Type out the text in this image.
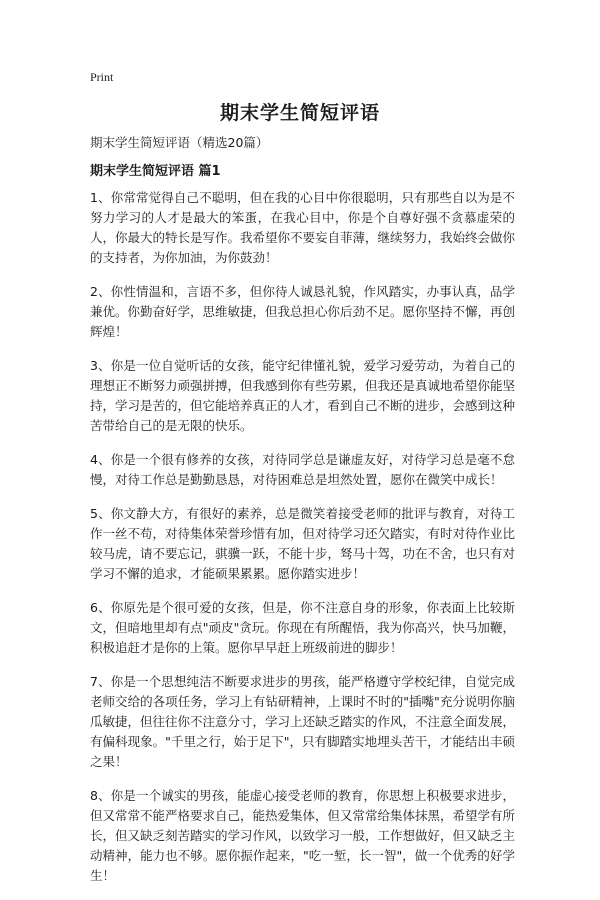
Print
期末学生简短评语
期末学生简短评语（精选20篇）
期末学生简短评语 篇1

1、你常常觉得自己不聪明，但在我的心目中你很聪明，只有那些自以为是不努力学习的人才是最大的笨蛋，在我心目中，你是个自尊好强不贪慕虚荣的人，你最大的特长是写作。我希望你不要妄自菲薄，继续努力，我始终会做你的支持者，为你加油，为你鼓劲！

2、你性情温和，言语不多，但你待人诚恳礼貌，作风踏实，办事认真，品学兼优。你勤奋好学，思维敏捷，但我总担心你后劲不足。愿你坚持不懈，再创辉煌！

3、你是一位自觉听话的女孩，能守纪律懂礼貌，爱学习爱劳动，为着自己的理想正不断努力顽强拼搏，但我感到你有些劳累，但我还是真诚地希望你能坚持，学习是苦的，但它能培养真正的人才，看到自己不断的进步，会感到这种苦带给自己的是无限的快乐。

4、你是一个很有修养的女孩，对待同学总是谦虚友好，对待学习总是毫不怠慢，对待工作总是勤勤恳恳，对待困难总是坦然处置，愿你在微笑中成长！

5、你文静大方，有很好的素养，总是微笑着接受老师的批评与教育，对待工作一丝不苟，对待集体荣誉珍惜有加，但对待学习还欠踏实，有时对待作业比较马虎，请不要忘记，骐骥一跃，不能十步，驽马十驾，功在不舍，也只有对学习不懈的追求，才能硕果累累。愿你踏实进步！

6、你原先是个很可爱的女孩，但是，你不注意自身的形象，你表面上比较斯文，但暗地里却有点"顽皮"贪玩。你现在有所醒悟，我为你高兴，快马加鞭，积极追赶才是你的上策。愿你早早赶上班级前进的脚步！

7、你是一个思想纯洁不断要求进步的男孩，能严格遵守学校纪律，自觉完成老师交给的各项任务，学习上有钻研精神，上课时不时的"插嘴"充分说明你脑瓜敏捷，但往往你不注意分寸，学习上还缺乏踏实的作风，不注意全面发展，有偏科现象。"千里之行，始于足下"，只有脚踏实地埋头苦干，才能结出丰硕之果！

8、你是一个诚实的男孩，能虚心接受老师的教育，你思想上积极要求进步，但又常常不能严格要求自己，能热爱集体，但又常常给集体抹黑，希望学有所长，但又缺乏刻苦踏实的学习作风，以致学习一般，工作想做好，但又缺乏主动精神，能力也不够。愿你振作起来，"吃一堑，长一智"，做一个优秀的好学生！
